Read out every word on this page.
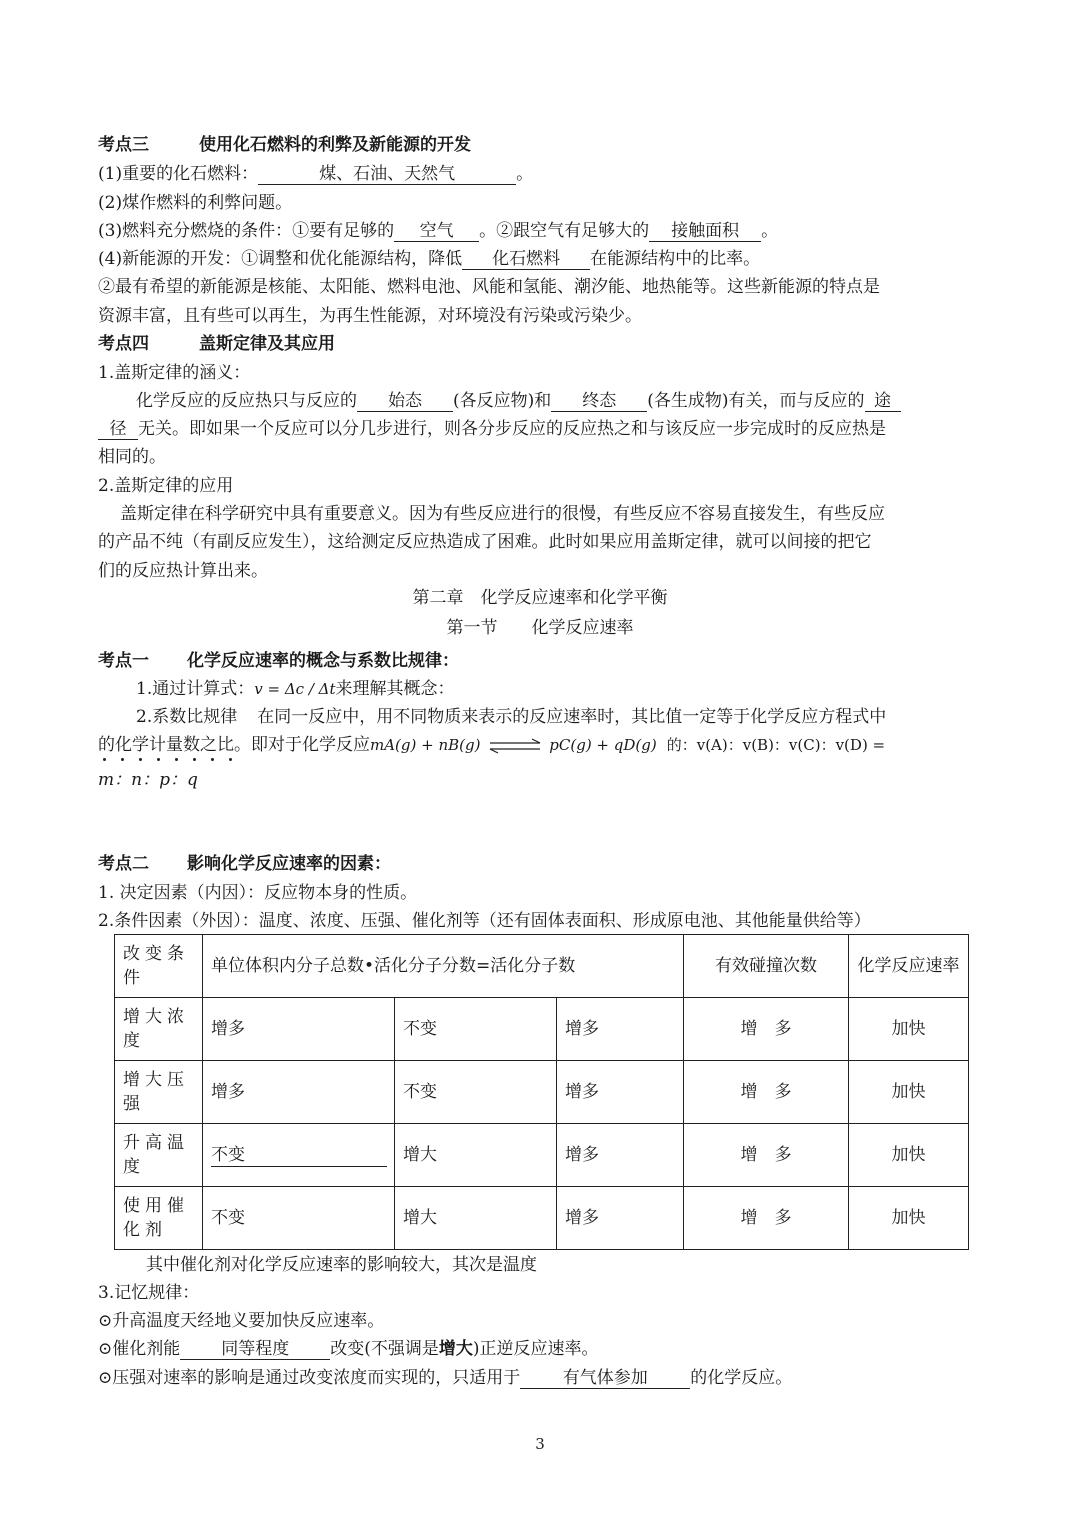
考点三	使用化石燃料的利弊及新能源的开发
(1)重要的化石燃料：	煤、石油、天然气	。
(2)煤作燃料的利弊问题。
(3)燃料充分燃烧的条件：①要有足够的 空气 。②跟空气有足够大的 接触面积 。
(4)新能源的开发：①调整和优化能源结构，降低 化石燃料 在能源结构中的比率。
②最有希望的新能源是核能、太阳能、燃料电池、风能和氢能、潮汐能、地热能等。这些新能源的特点是
资源丰富，且有些可以再生，为再生性能源，对环境没有污染或污染少。
考点四	盖斯定律及其应用
1.盖斯定律的涵义：
化学反应的反应热只与反应的 始态 (各反应物)和 终态 (各生成物)有关，而与反应的 途
径 无关。即如果一个反应可以分几步进行，则各分步反应的反应热之和与该反应一步完成时的反应热是
相同的。
2.盖斯定律的应用
盖斯定律在科学研究中具有重要意义。因为有些反应进行的很慢，有些反应不容易直接发生，有些反应
的产品不纯（有副反应发生），这给测定反应热造成了困难。此时如果应用盖斯定律，就可以间接的把它
们的反应热计算出来。
第二章　化学反应速率和化学平衡
第一节　　化学反应速率
考点一 化学反应速率的概念与系数比规律：
1.通过计算式：v = Δc / Δt来理解其概念：
2.系数比规律 在同一反应中，用不同物质来表示的反应速率时，其比值一定等于化学反应方程式中
的化学计量数之比。即对于化学反应mA(g) + nB(g) ⇌ pC(g) + qD(g) 的：v(A)：v(B)：v(C)：v(D) =
m：n：p：q
考点二 影响化学反应速率的因素：
1. 决定因素（内因）：反应物本身的性质。
2.条件因素（外因）：温度、浓度、压强、催化剂等（还有固体表面积、形成原电池、其他能量供给等）
改变条件	单位体积内分子总数•活化分子分数=活化分子数			有效碰撞次数	化学反应速率
增大浓度	增多	不变	增多	增　多	加快
增大压强	增多	不变	增多	增　多	加快
升高温度	不变	增大	增多	增　多	加快
使用催化剂	不变	增大	增多	增　多	加快
其中催化剂对化学反应速率的影响较大，其次是温度
3.记忆规律：
⊙升高温度天经地义要加快反应速率。
⊙催化剂能 同等程度 改变(不强调是增大)正逆反应速率。
⊙压强对速率的影响是通过改变浓度而实现的，只适用于	有气体参加	的化学反应。
3
